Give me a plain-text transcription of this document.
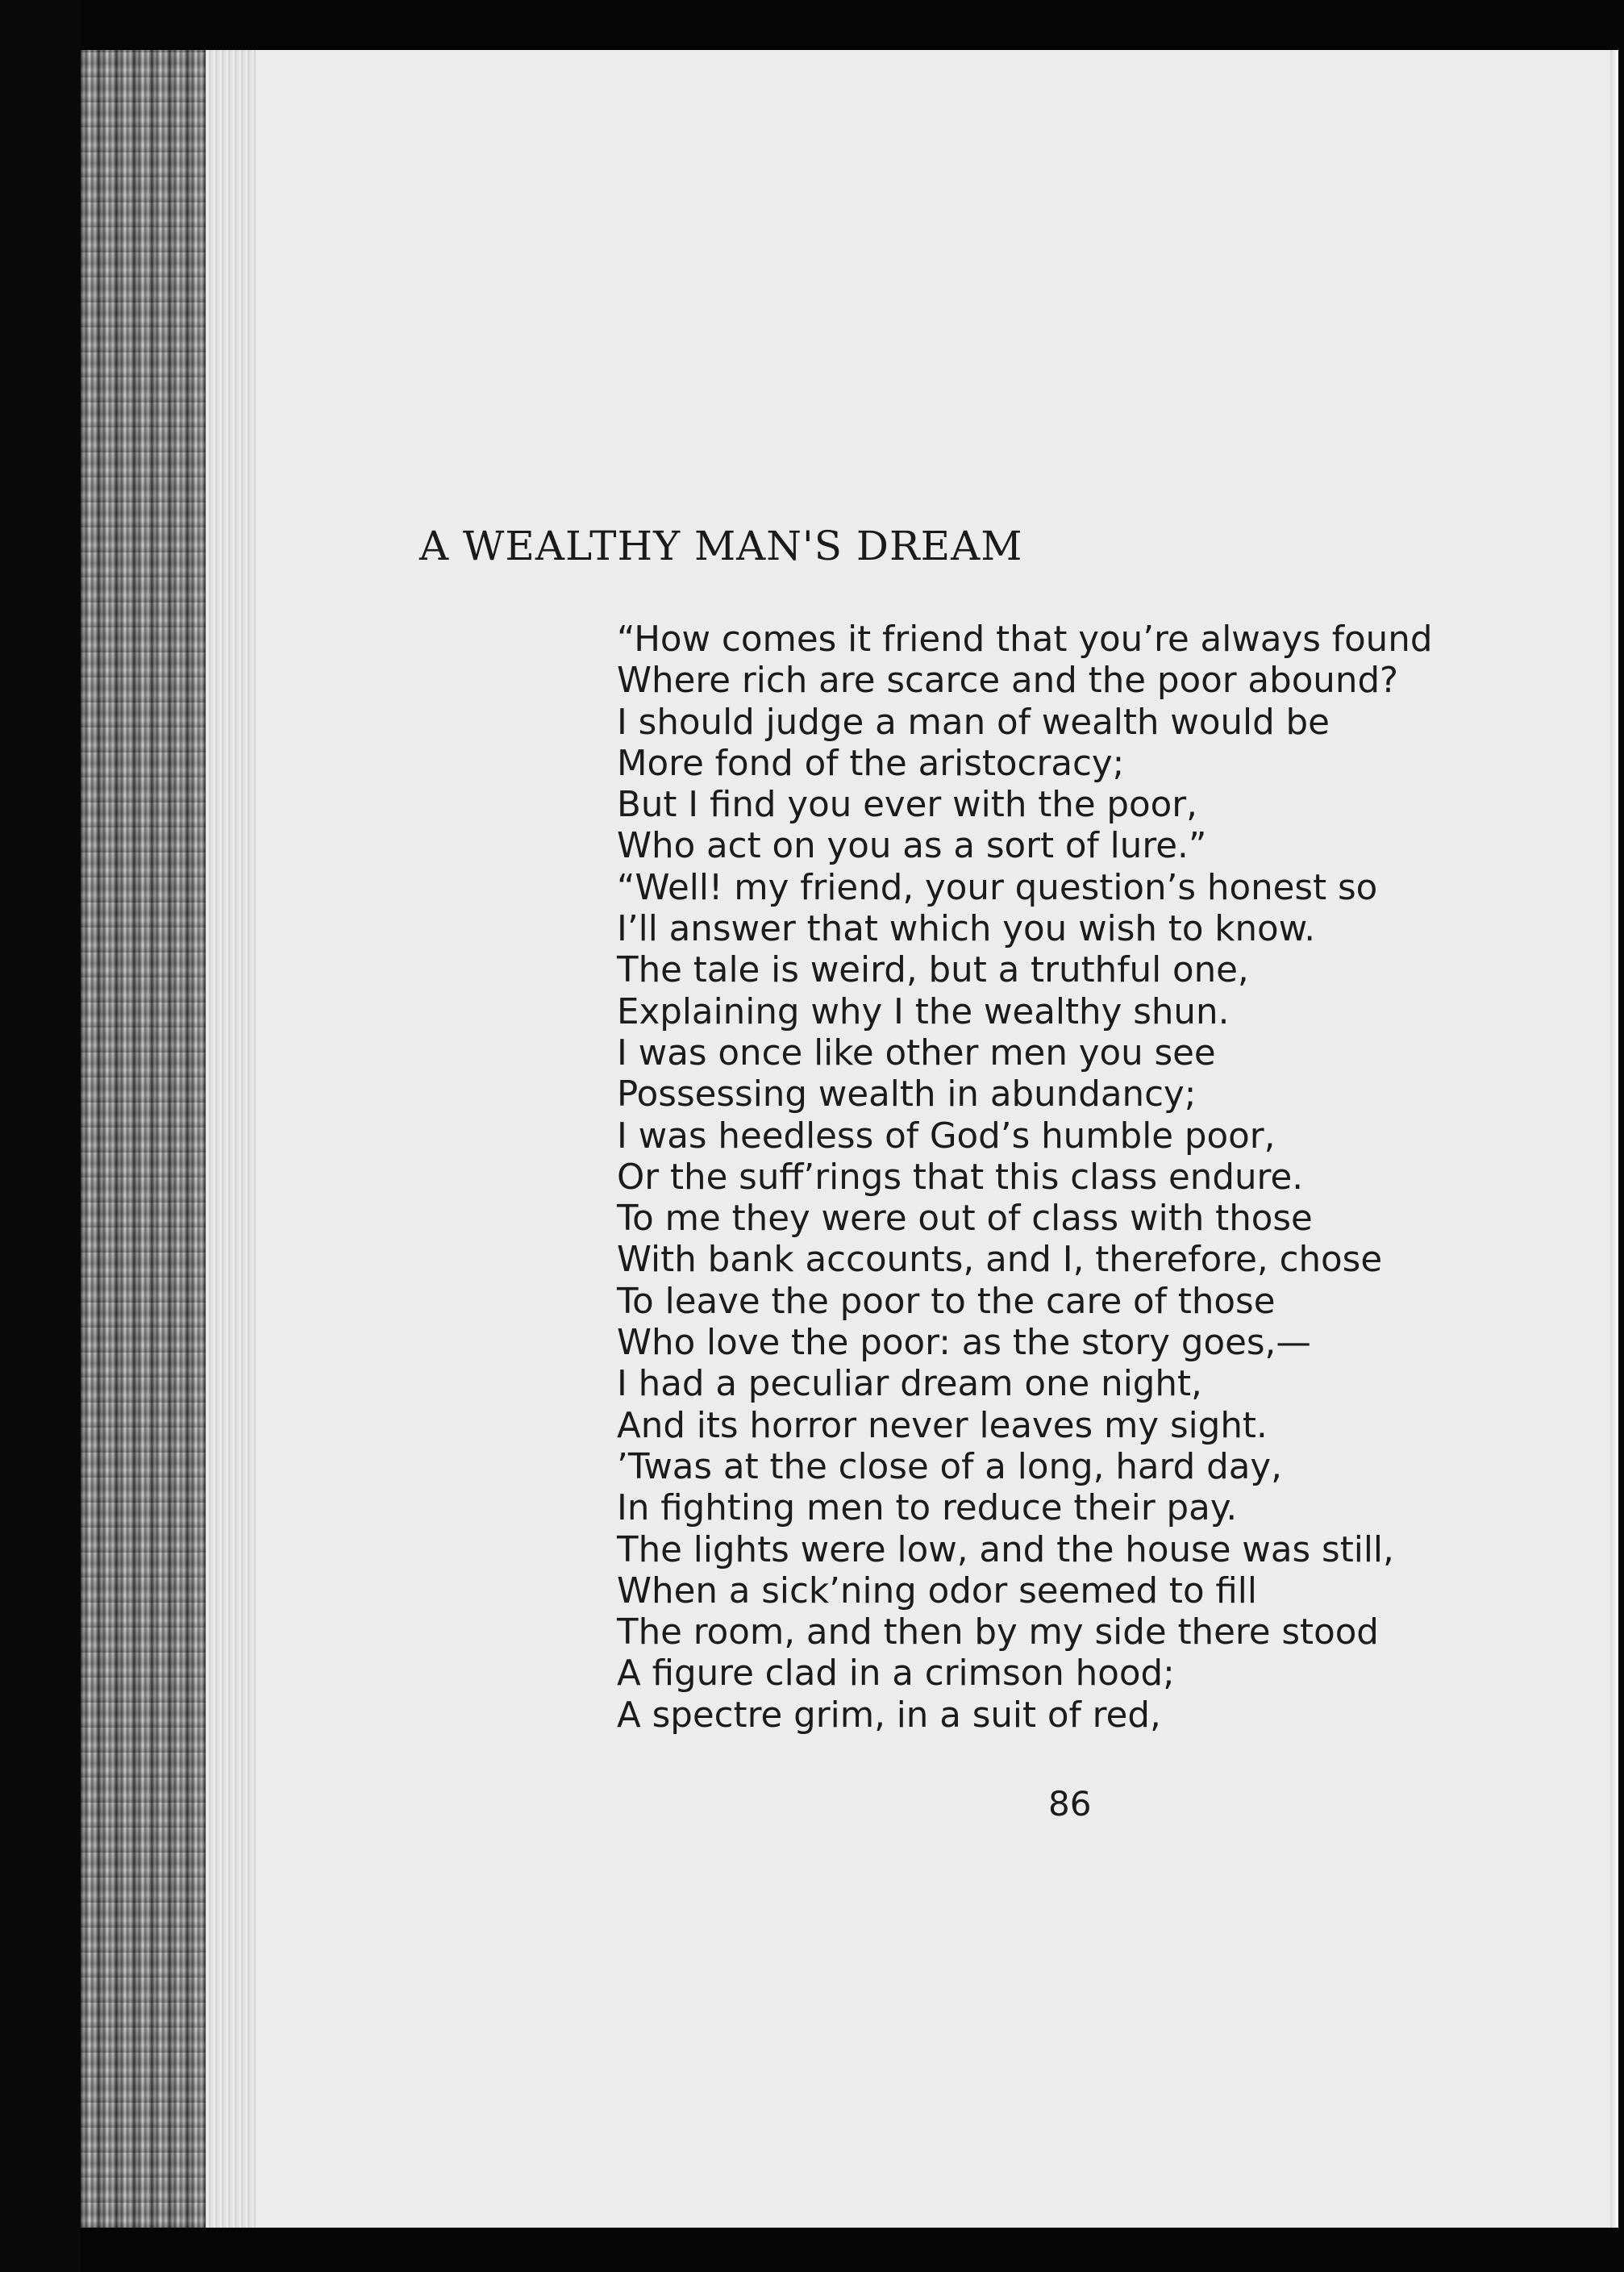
A WEALTHY MAN'S DREAM
“How comes it friend that you’re always found
Where rich are scarce and the poor abound?
I should judge a man of wealth would be
More fond of the aristocracy;
But I find you ever with the poor,
Who act on you as a sort of lure.”
“Well! my friend, your question’s honest so
I’ll answer that which you wish to know.
The tale is weird, but a truthful one,
Explaining why I the wealthy shun.
I was once like other men you see
Possessing wealth in abundancy;
I was heedless of God’s humble poor,
Or the suff’rings that this class endure.
To me they were out of class with those
With bank accounts, and I, therefore, chose
To leave the poor to the care of those
Who love the poor: as the story goes,—
I had a peculiar dream one night,
And its horror never leaves my sight.
’Twas at the close of a long, hard day,
In fighting men to reduce their pay.
The lights were low, and the house was still,
When a sick’ning odor seemed to fill
The room, and then by my side there stood
A figure clad in a crimson hood;
A spectre grim, in a suit of red,

86
